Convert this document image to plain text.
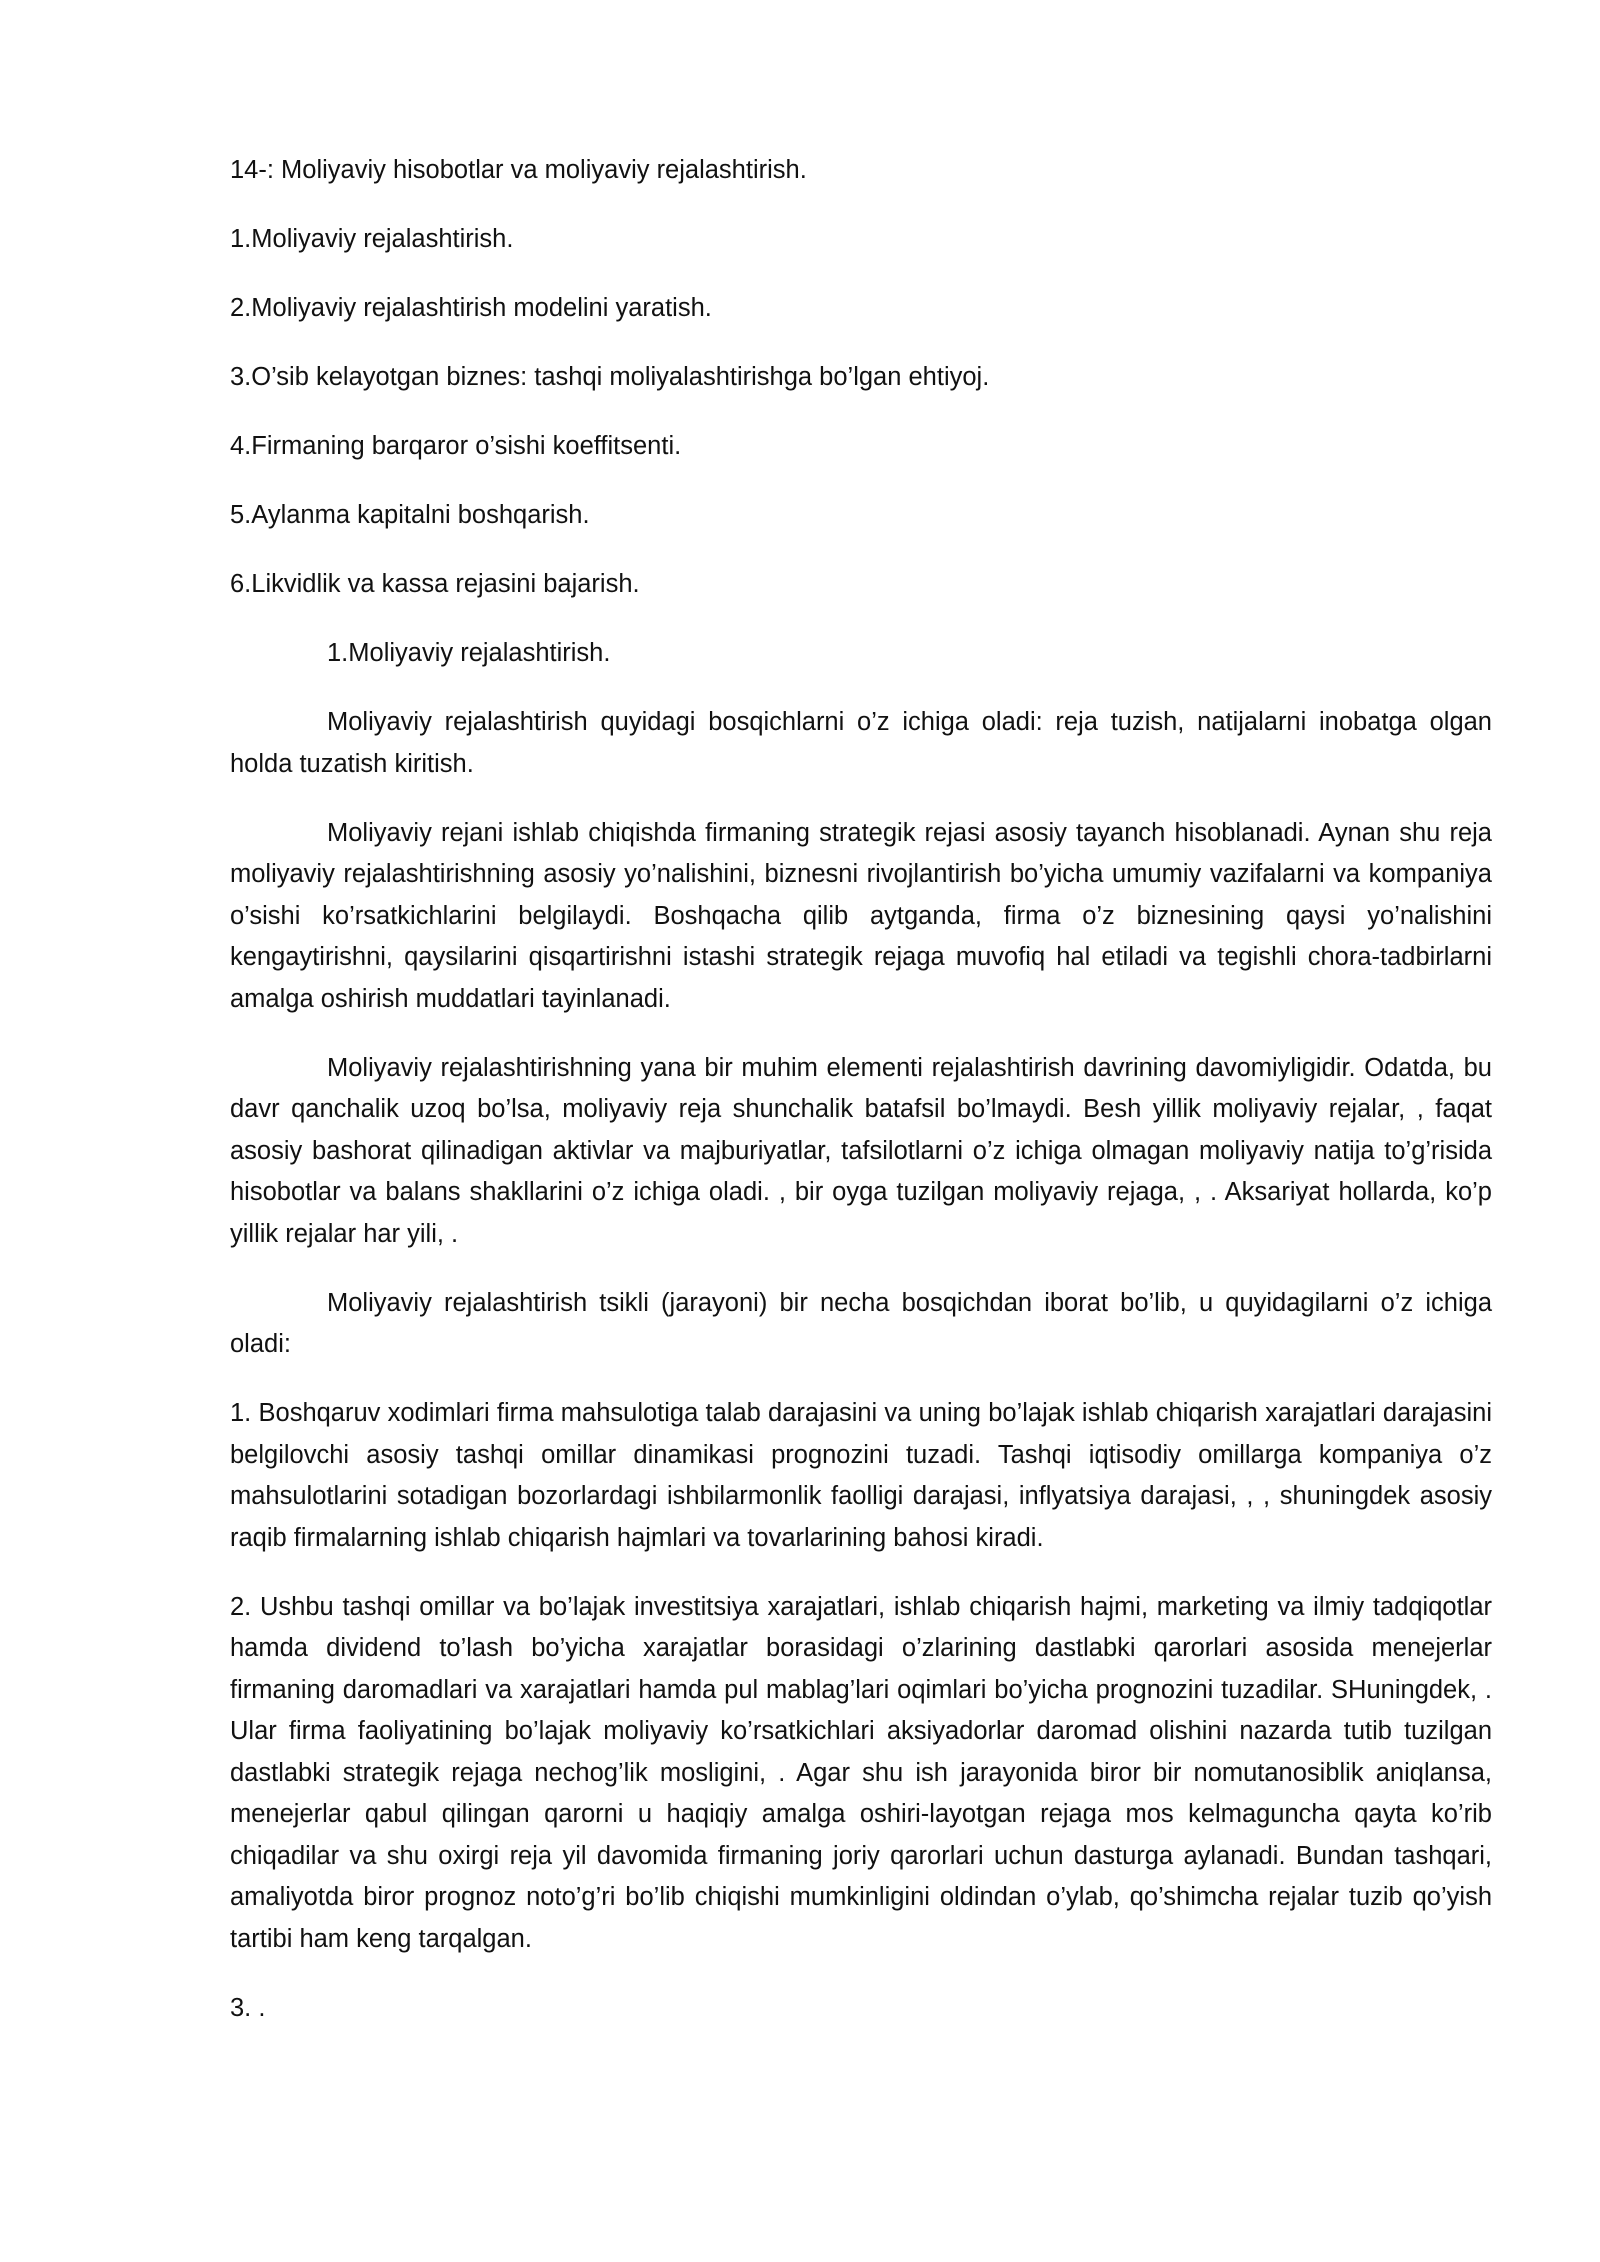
14-: Moliyaviy hisobotlar va moliyaviy rejalashtirish.

1.Moliyaviy rejalashtirish.

2.Moliyaviy rejalashtirish modelini yaratish.

3.O’sib kelayotgan biznes: tashqi moliyalashtirishga bo’lgan ehtiyoj.

4.Firmaning barqaror o’sishi koeffitsenti.

5.Aylanma kapitalni boshqarish.

6.Likvidlik va kassa rejasini bajarish.

1.Moliyaviy rejalashtirish.

Moliyaviy rejalashtirish quyidagi bosqichlarni o’z ichiga oladi: reja tuzish, natijalarni inobatga olgan holda tuzatish kiritish.

Moliyaviy rejani ishlab chiqishda firmaning strategik rejasi asosiy tayanch hisoblanadi. Aynan shu reja moliyaviy rejalashtirishning asosiy yo’nalishini, biznesni rivojlantirish bo’yicha umumiy vazifalarni va kompaniya o’sishi ko’rsatkichlarini belgilaydi. Boshqacha qilib aytganda, firma o’z biznesining qaysi yo’nalishini kengaytirishni, qaysilarini qisqartirishni istashi strategik rejaga muvofiq hal etiladi va tegishli chora-tadbirlarni amalga oshirish muddatlari tayinlanadi.

Moliyaviy rejalashtirishning yana bir muhim elementi rejalashtirish davrining davomiyligidir. Odatda, bu davr qanchalik uzoq bo’lsa, moliyaviy reja shunchalik batafsil bo’lmaydi. Besh yillik moliyaviy rejalar, , faqat asosiy bashorat qilinadigan aktivlar va majburiyatlar, tafsilotlarni o’z ichiga olmagan moliyaviy natija to’g’risida hisobotlar va balans shakllarini o’z ichiga oladi. , bir oyga tuzilgan moliyaviy rejaga, , . Aksariyat hollarda, ko’p yillik rejalar har yili, .

Moliyaviy rejalashtirish tsikli (jarayoni) bir necha bosqichdan iborat bo’lib, u quyidagilarni o’z ichiga oladi:

1. Boshqaruv xodimlari firma mahsulotiga talab darajasini va uning bo’lajak ishlab chiqarish xarajatlari darajasini belgilovchi asosiy tashqi omillar dinamikasi prognozini tuzadi. Tashqi iqtisodiy omillarga kompaniya o’z mahsulotlarini sotadigan bozorlardagi ishbilarmonlik faolligi darajasi, inflyatsiya darajasi, , , shuningdek asosiy raqib firmalarning ishlab chiqarish hajmlari va tovarlarining bahosi kiradi.

2. Ushbu tashqi omillar va bo’lajak investitsiya xarajatlari, ishlab chiqarish hajmi, marketing va ilmiy tadqiqotlar hamda dividend to’lash bo’yicha xarajatlar borasidagi o’zlarining dastlabki qarorlari asosida menejerlar firmaning daromadlari va xarajatlari hamda pul mablag’lari oqimlari bo’yicha prognozini tuzadilar. SHuningdek, . Ular firma faoliyatining bo’lajak moliyaviy ko’rsatkichlari aksiyadorlar daromad olishini nazarda tutib tuzilgan dastlabki strategik rejaga nechog’lik mosligini, . Agar shu ish jarayonida biror bir nomutanosiblik aniqlansa, menejerlar qabul qilingan qarorni u haqiqiy amalga oshiri-layotgan rejaga mos kelmaguncha qayta ko’rib chiqadilar va shu oxirgi reja yil davomida firmaning joriy qarorlari uchun dasturga aylanadi. Bundan tashqari, amaliyotda biror prognoz noto’g’ri bo’lib chiqishi mumkinligini oldindan o’ylab, qo’shimcha rejalar tuzib qo’yish tartibi ham keng tarqalgan.

3. .
